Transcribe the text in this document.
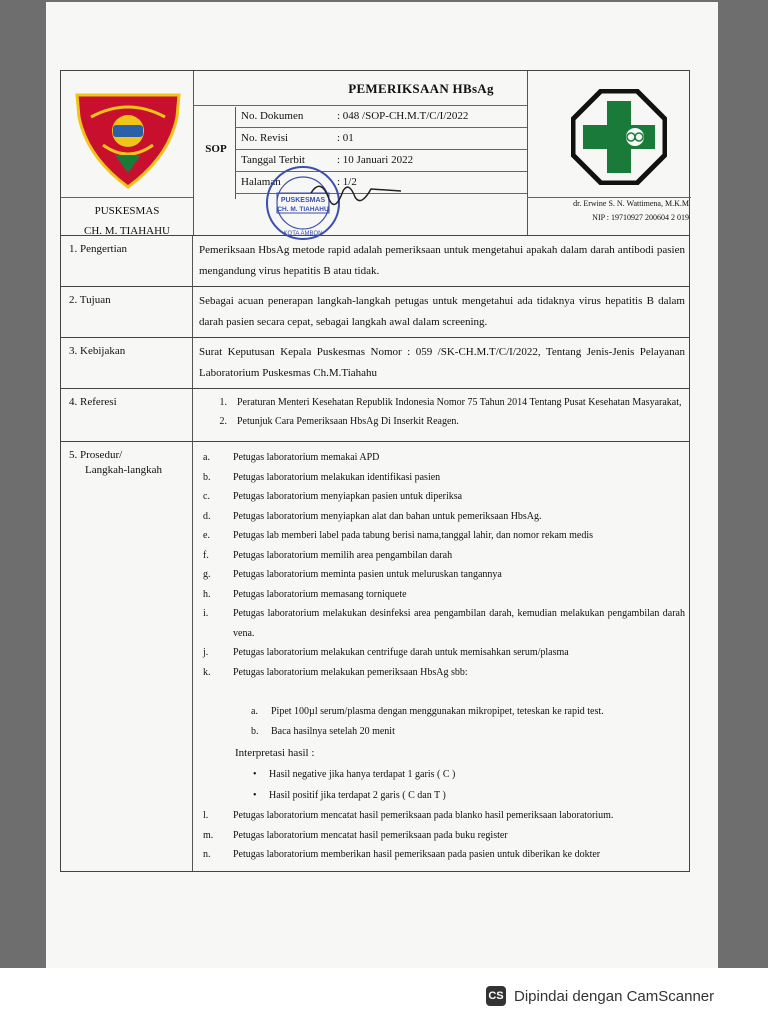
PEMERIKSAAN HBsAg
SOP
No. Dokumen	: 048 /SOP-CH.M.T/C/I/2022
No. Revisi	: 01
Tanggal Terbit	: 10 Januari 2022
Halaman	: 1/2
PUSKESMAS
CH. M. TIAHAHU
dr. Erwine S. N. Wattimena, M.K.M
NIP : 19710927 200604 2 019
PUSKESMAS
CH. M. TIAHAHU
KOTA AMBON
1. Pengertian	Pemeriksaan HbsAg metode rapid adalah pemeriksaan untuk mengetahui apakah dalam darah antibodi pasien mengandung virus hepatitis B atau tidak.
2. Tujuan	Sebagai acuan penerapan langkah-langkah petugas untuk mengetahui ada tidaknya virus hepatitis B dalam darah pasien secara cepat, sebagai langkah awal dalam screening.
3. Kebijakan	Surat Keputusan Kepala Puskesmas Nomor : 059 /SK-CH.M.T/C/I/2022, Tentang Jenis-Jenis Pelayanan Laboratorium Puskesmas Ch.M.Tiahahu
4. Referesi	1.	Peraturan Menteri Kesehatan Republik Indonesia Nomor 75 Tahun 2014 Tentang Pusat Kesehatan Masyarakat,
2.	Petunjuk Cara Pemeriksaan HbsAg Di Inserkit Reagen.
5. Prosedur/
Langkah-langkah
a.	Petugas laboratorium memakai APD
b.	Petugas laboratorium melakukan identifikasi pasien
c.	Petugas laboratorium menyiapkan pasien untuk diperiksa
d.	Petugas laboratorium menyiapkan alat dan bahan untuk pemeriksaan HbsAg.
e.	Petugas lab memberi label pada tabung berisi nama,tanggal lahir, dan nomor rekam medis
f.	Petugas laboratorium memilih area pengambilan darah
g.	Petugas laboratorium meminta pasien untuk meluruskan tangannya
h.	Petugas laboratorium memasang torniquete
i.	Petugas laboratorium melakukan desinfeksi area pengambilan darah, kemudian melakukan pengambilan darah vena.
j.	Petugas laboratorium melakukan centrifuge darah untuk memisahkan serum/plasma
k.	Petugas laboratorium melakukan pemeriksaan HbsAg sbb:
a.	Pipet 100µl serum/plasma dengan menggunakan mikropipet, teteskan ke rapid test.
b.	Baca hasilnya setelah 20 menit
Interpretasi hasil :
•	Hasil negative jika hanya terdapat 1 garis ( C )
•	Hasil positif jika terdapat 2 garis ( C dan T )
l.	Petugas laboratorium mencatat hasil pemeriksaan pada blanko hasil pemeriksaan laboratorium.
m.	Petugas laboratorium mencatat hasil pemeriksaan pada buku register
n.	Petugas laboratorium memberikan hasil pemeriksaan pada pasien untuk diberikan ke dokter
CS Dipindai dengan CamScanner
